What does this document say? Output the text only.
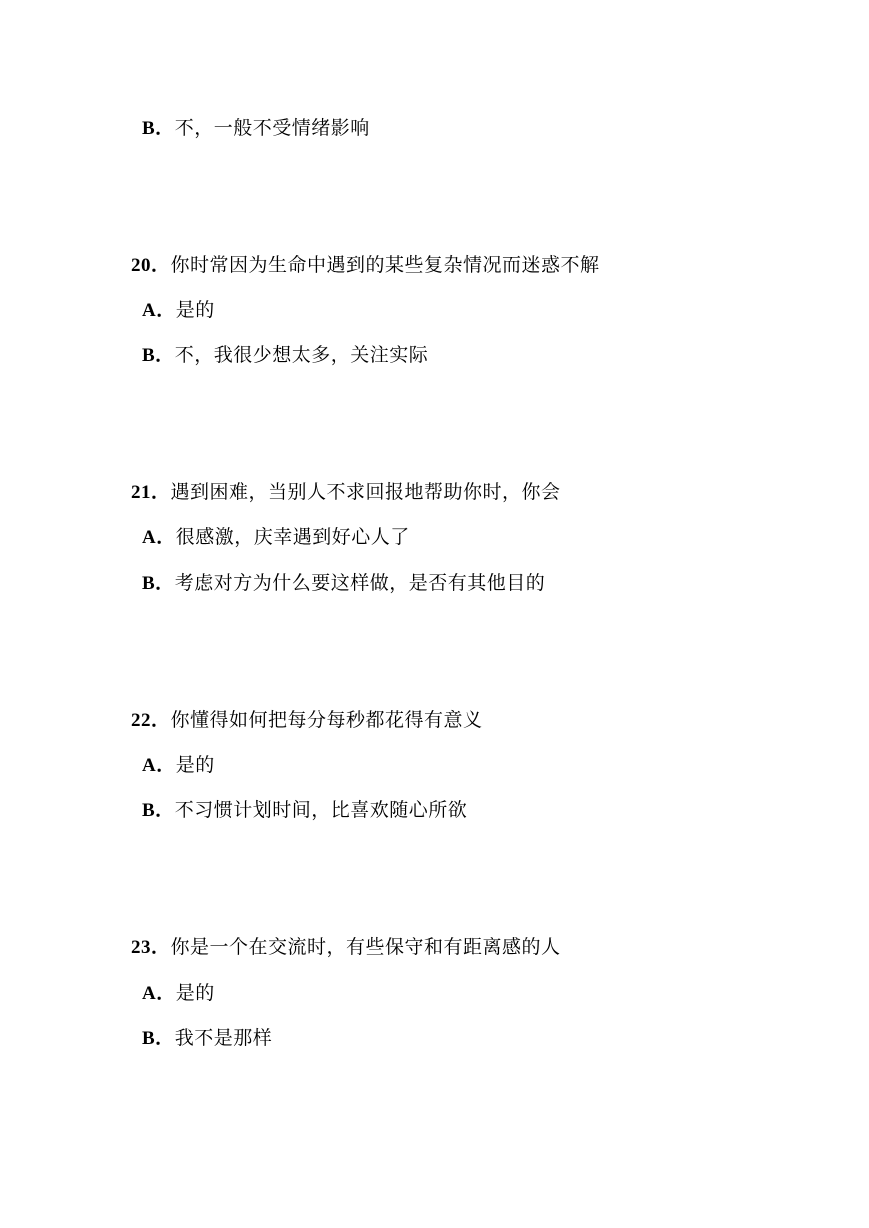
B．不，一般不受情绪影响
20．你时常因为生命中遇到的某些复杂情况而迷惑不解
A．是的
B．不，我很少想太多，关注实际
21．遇到困难，当别人不求回报地帮助你时，你会
A．很感激，庆幸遇到好心人了
B．考虑对方为什么要这样做，是否有其他目的
22．你懂得如何把每分每秒都花得有意义
A．是的
B．不习惯计划时间，比喜欢随心所欲
23．你是一个在交流时，有些保守和有距离感的人
A．是的
B．我不是那样
